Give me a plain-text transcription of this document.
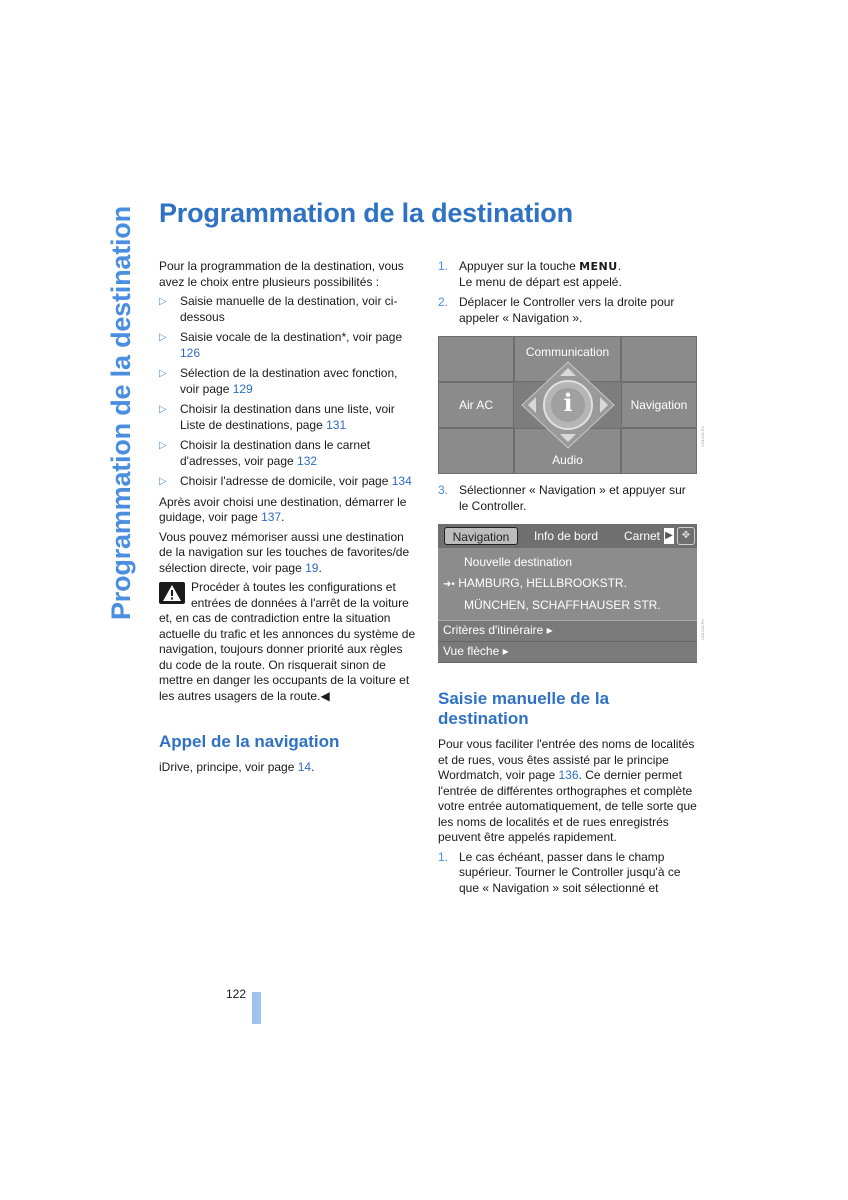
Programmation de la destination Programmation de la destination

Pour la programmation de la destination, vous avez le choix entre plusieurs possibilités :

▷ Saisie manuelle de la destination, voir ci-dessous
▷ Saisie vocale de la destination*, voir page 126
▷ Sélection de la destination avec fonction, voir page 129
▷ Choisir la destination dans une liste, voir Liste de destinations, page 131
▷ Choisir la destination dans le carnet d'adresses, voir page 132
▷ Choisir l'adresse de domicile, voir page 134

Après avoir choisi une destination, démarrer le guidage, voir page 137.

Vous pouvez mémoriser aussi une destination de la navigation sur les touches de favorites/de sélection directe, voir page 19.

Procéder à toutes les configurations et entrées de données à l'arrêt de la voiture et, en cas de contradiction entre la situation actuelle du trafic et les annonces du système de navigation, toujours donner priorité aux règles du code de la route. On risquerait sinon de mettre en danger les occupants de la voiture et les autres usagers de la route.◀

Appel de la navigation

iDrive, principe, voir page 14.

1. Appuyer sur la touche MENU.
Le menu de départ est appelé.
2. Déplacer le Controller vers la droite pour appeler « Navigation ».
Communication
Air AC	Navigation
Audio
i
US1234.FU
3. Sélectionner « Navigation » et appuyer sur le Controller.
Navigation	Info de bord Carnet ▶ ✥
Nouvelle destination
➜• HAMBURG, HELLBROOKSTR.
MÜNCHEN, SCHAFFHAUSER STR.
Critères d'itinéraire ▸
Vue flèche ▸
US1234.FU
Saisie manuelle de la destination

Pour vous faciliter l'entrée des noms de localités et de rues, vous êtes assisté par le principe Wordmatch, voir page 136. Ce dernier permet l'entrée de différentes orthographes et complète votre entrée automatiquement, de telle sorte que les noms de localités et de rues enregistrés peuvent être appelés rapidement.

1. Le cas échéant, passer dans le champ supérieur. Tourner le Controller jusqu'à ce que « Navigation » soit sélectionné et
122
